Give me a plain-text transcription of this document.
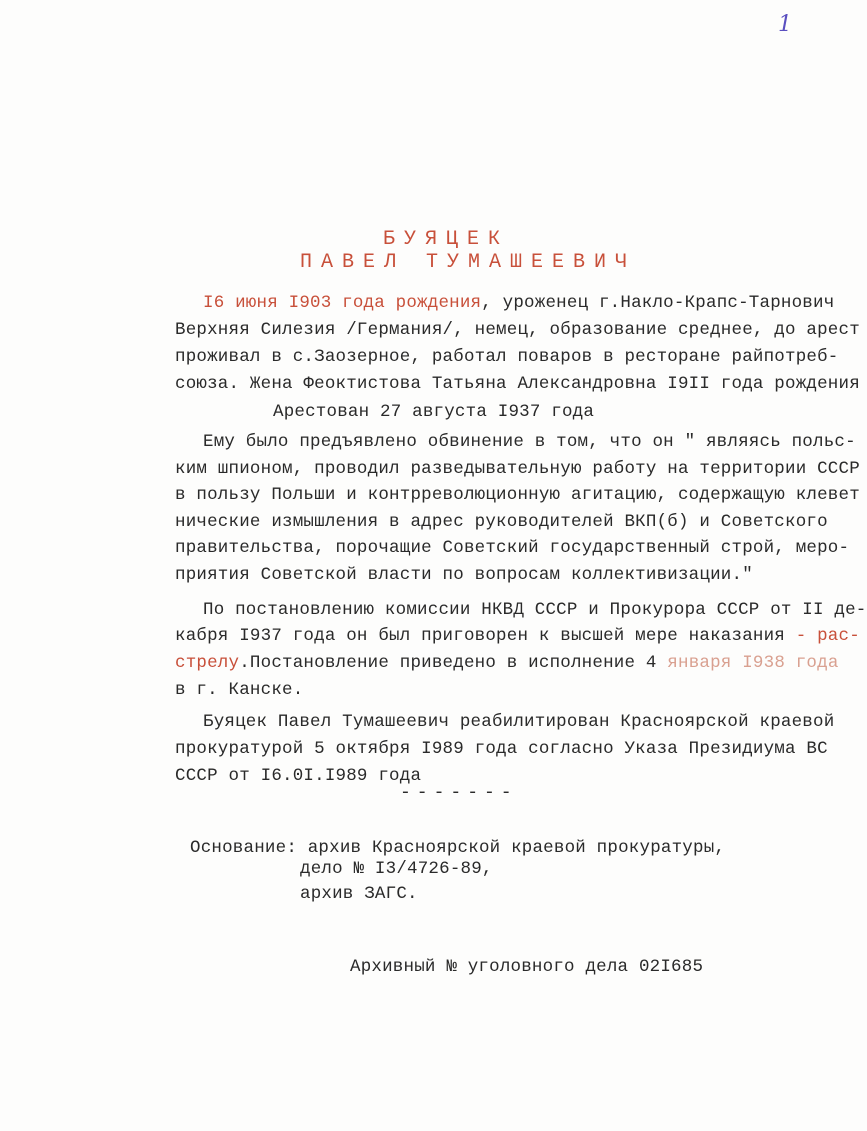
1
БУЯЦЕК
ПАВЕЛ ТУМАШЕЕВИЧ
I6 июня I903 года рождения, уроженец г.Накло-Крапс-Тарнович
Верхняя Силезия /Германия/, немец, образование среднее, до арест
проживал в с.Заозерное, работал поваров в ресторане райпотреб-
союза. Жена Феоктистова Татьяна Александровна I9II года рождения
Арестован 27 августа I937 года
Ему было предъявлено обвинение в том, что он " являясь польс-
ким шпионом, проводил разведывательную работу на территории СССР
в пользу Польши и контрреволюционную агитацию, содержащую клевет
нические измышления в адрес руководителей ВКП(б) и Советского
правительства, порочащие Советский государственный строй, меро-
приятия Советской власти по вопросам коллективизации."
По постановлению комиссии НКВД СССР и Прокурора СССР от II де-
кабря I937 года он был приговорен к высшей мере наказания - рас-
стрелу.Постановление приведено в исполнение 4 января I938 года
в г. Канске.
Буяцек Павел Тумашеевич реабилитирован Красноярской краевой
прокуратурой 5 октября I989 года согласно Указа Президиума ВС
СССР от I6.0I.I989 года
-------
Основание: архив Красноярской краевой прокуратуры,
дело № I3/4726-89,
архив ЗАГС.
Архивный № уголовного дела 02I685
